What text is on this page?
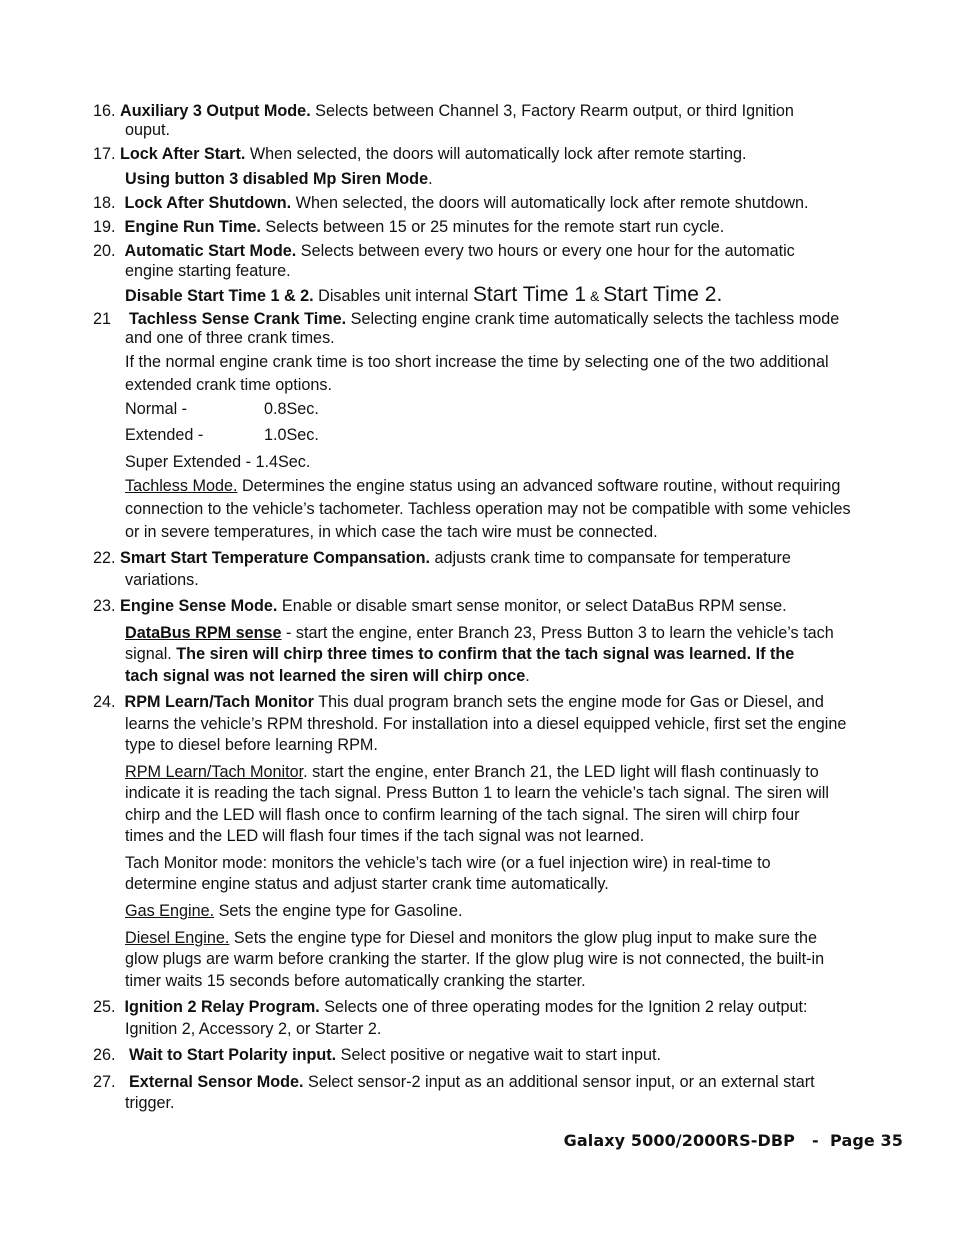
16. Auxiliary 3 Output Mode. Selects between Channel 3, Factory Rearm output, or third Ignition
ouput.
17. Lock After Start. When selected, the doors will automatically lock after remote starting.
Using button 3 disabled Mp Siren Mode.
18. Lock After Shutdown. When selected, the doors will automatically lock after remote shutdown.
19. Engine Run Time. Selects between 15 or 25 minutes for the remote start run cycle.
20. Automatic Start Mode. Selects between every two hours or every one hour for the automatic
engine starting feature.
Disable Start Time 1 & 2. Disables unit internal Start Time 1 & Start Time 2.
21 Tachless Sense Crank Time. Selecting engine crank time automatically selects the tachless mode
and one of three crank times.
If the normal engine crank time is too short increase the time by selecting one of the two additional
extended crank time options.
Normal -	0.8Sec.
Extended -	1.0Sec.
Super Extended - 1.4Sec.
Tachless Mode. Determines the engine status using an advanced software routine, without requiring
connection to the vehicle’s tachometer. Tachless operation may not be compatible with some vehicles
or in severe temperatures, in which case the tach wire must be connected.
22. Smart Start Temperature Compansation. adjusts crank time to compansate for temperature
variations.
23. Engine Sense Mode. Enable or disable smart sense monitor, or select DataBus RPM sense.
DataBus RPM sense - start the engine, enter Branch 23, Press Button 3 to learn the vehicle’s tach
signal. The siren will chirp three times to confirm that the tach signal was learned. If the
tach signal was not learned the siren will chirp once.
24. RPM Learn/Tach Monitor This dual program branch sets the engine mode for Gas or Diesel, and
learns the vehicle’s RPM threshold. For installation into a diesel equipped vehicle, first set the engine
type to diesel before learning RPM.
RPM Learn/Tach Monitor. start the engine, enter Branch 21, the LED light will flash continuasly to
indicate it is reading the tach signal. Press Button 1 to learn the vehicle’s tach signal. The siren will
chirp and the LED will flash once to confirm learning of the tach signal. The siren will chirp four
times and the LED will flash four times if the tach signal was not learned.
Tach Monitor mode: monitors the vehicle’s tach wire (or a fuel injection wire) in real-time to
determine engine status and adjust starter crank time automatically.
Gas Engine. Sets the engine type for Gasoline.
Diesel Engine. Sets the engine type for Diesel and monitors the glow plug input to make sure the
glow plugs are warm before cranking the starter. If the glow plug wire is not connected, the built-in
timer waits 15 seconds before automatically cranking the starter.
25. Ignition 2 Relay Program. Selects one of three operating modes for the Ignition 2 relay output:
Ignition 2, Accessory 2, or Starter 2.
26.   Wait to Start Polarity input. Select positive or negative wait to start input.
27.   External Sensor Mode. Select sensor-2 input as an additional sensor input, or an external start
trigger.
Galaxy 5000/2000RS-DBP   -  Page 35
